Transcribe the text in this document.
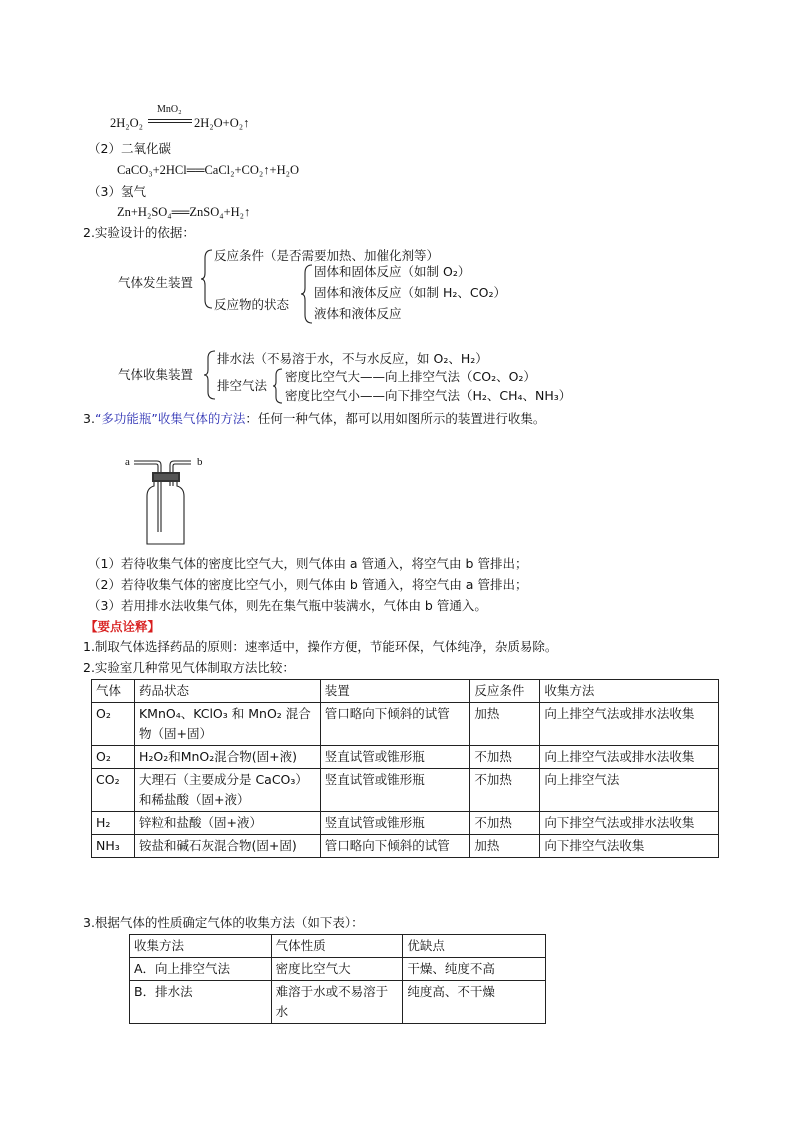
2H₂O₂
MnO₂
2H₂O+O₂↑
（2）二氧化碳
CaCO₃+2HCl══CaCl₂+CO₂↑+H₂O
（3）氢气
Zn+H₂SO₄══ZnSO₄+H₂↑
2.实验设计的依据：
气体发生装置
反应条件（是否需要加热、加催化剂等）
反应物的状态
固体和固体反应（如制 O₂）
固体和液体反应（如制 H₂、CO₂）
液体和液体反应
气体收集装置
排水法（不易溶于水，不与水反应，如 O₂、H₂）
排空气法
密度比空气大——向上排空气法（CO₂、O₂）
密度比空气小——向下排空气法（H₂、CH₄、NH₃）
3.“多功能瓶”收集气体的方法：任何一种气体，都可以用如图所示的装置进行收集。
a	b
（1）若待收集气体的密度比空气大，则气体由 a 管通入，将空气由 b 管排出；
（2）若待收集气体的密度比空气小，则气体由 b 管通入，将空气由 a 管排出；
（3）若用排水法收集气体，则先在集气瓶中装满水，气体由 b 管通入。
【要点诠释】
1.制取气体选择药品的原则：速率适中，操作方便，节能环保，气体纯净，杂质易除。
2.实验室几种常见气体制取方法比较：
气体	药品状态	装置	反应条件	收集方法
O₂	KMnO₄、KClO₃ 和 MnO₂ 混合物（固+固）	管口略向下倾斜的试管	加热	向上排空气法或排水法收集
O₂	H₂O₂和MnO₂混合物(固+液)	竖直试管或锥形瓶	不加热	向上排空气法或排水法收集
CO₂	大理石（主要成分是 CaCO₃）和稀盐酸（固+液）	竖直试管或锥形瓶	不加热	向上排空气法
H₂	锌粒和盐酸（固+液）	竖直试管或锥形瓶	不加热	向下排空气法或排水法收集
NH₃	铵盐和碱石灰混合物(固+固)	管口略向下倾斜的试管	加热	向下排空气法收集
3.根据气体的性质确定气体的收集方法（如下表）：
收集方法	气体性质	优缺点
A．向上排空气法	密度比空气大	干燥、纯度不高
B．排水法	难溶于水或不易溶于水	纯度高、不干燥
